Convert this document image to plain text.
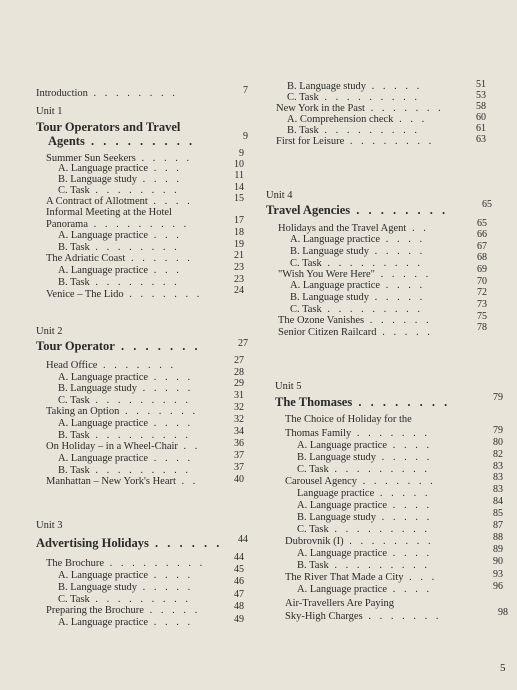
Introduction . . . . . . . .
Unit 1
Tour Operators and Travel
Agents . . . . . . . . .
Summer Sun Seekers . . . . .
A. Language practice . . .
B. Language study . . . .
C. Task . . . . . . . .
A Contract of Allotment . . . .
Informal Meeting at the Hotel
Panorama . . . . . . . . .
A. Language practice . . .
B. Task . . . . . . . .
The Adriatic Coast . . . . . .
A. Language practice . . .
B. Task . . . . . . . .
Venice – The Lido . . . . . . .
Unit 2
Tour Operator . . . . . . .
Head Office . . . . . . .
A. Language practice . . . .
B. Language study . . . . .
C. Task . . . . . . . . .
Taking an Option . . . . . . .
A. Language practice . . . .
B. Task . . . . . . . . .
On Holiday – in a Wheel-Chair . .
A. Language practice . . . .
B. Task . . . . . . . . .
Manhattan – New York's Heart . .
Unit 3
Advertising Holidays . . . . . .
The Brochure . . . . . . . . .
A. Language practice . . . .
B. Language study . . . . .
C. Task . . . . . . . . .
Preparing the Brochure . . . . .
A. Language practice . . . .
7
9
9
10
11
14
15
17
18
19
21
23
23
24
27
27
28
29
31
32
32
34
36
37
37
40
44
44
45
46
47
48
49
B. Language study . . . . .
C. Task . . . . . . . . .
New York in the Past . . . . . . .
A. Comprehension check . . .
B. Task . . . . . . . . .
First for Leisure . . . . . . . .
Unit 4
Travel Agencies . . . . . . . .
Holidays and the Travel Agent . .
A. Language practice . . . .
B. Language study . . . . .
C. Task . . . . . . . . .
"Wish You Were Here" . . . . .
A. Language practice . . . .
B. Language study . . . . .
C. Task . . . . . . . . .
The Ozone Vanishes . . . . . .
Senior Citizen Railcard . . . . .
Unit 5
The Thomases . . . . . . . .
The Choice of Holiday for the
Thomas Family . . . . . . .
A. Language practice . . . .
B. Language study . . . . .
C. Task . . . . . . . . .
Carousel Agency . . . . . . .
Language practice . . . . .
A. Language practice . . . .
B. Language study . . . . .
C. Task . . . . . . . . .
Dubrovnik (I) . . . . . . . .
A. Language practice . . . .
B. Task . . . . . . . . .
The River That Made a City . . .
A. Language practice . . . .
Air-Travellers Are Paying
Sky-High Charges . . . . . . .
51
53
58
60
61
63
65
65
66
67
68
69
70
72
73
75
78
79
79
80
82
83
83
83
84
85
87
88
89
90
93
96
98
5
